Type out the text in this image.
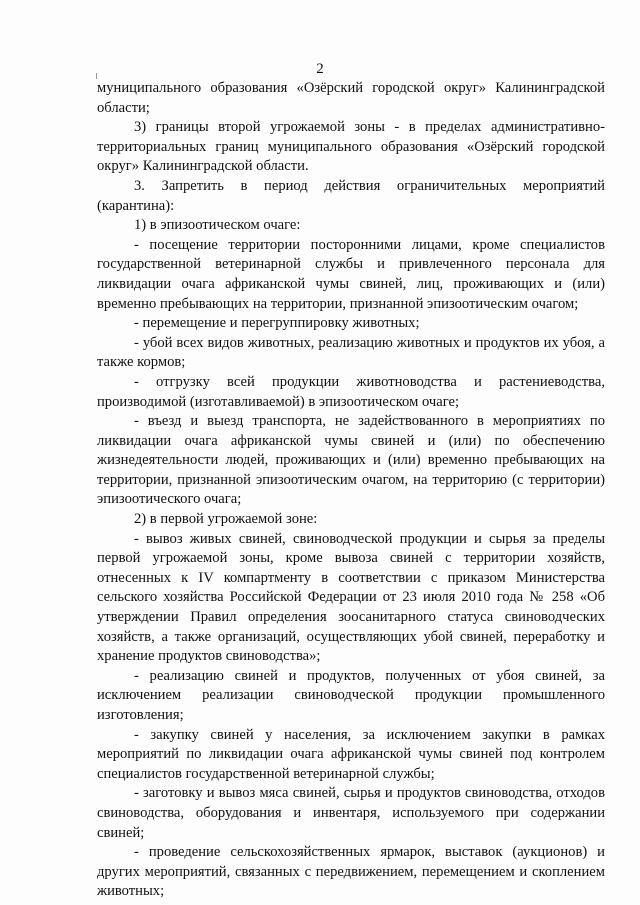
2

муниципального образования «Озёрский городской округ» Калининградской области;

3) границы второй угрожаемой зоны - в пределах административно-территориальных границ муниципального образования «Озёрский городской округ» Калининградской области.

3. Запретить в период действия ограничительных мероприятий (карантина):

1) в эпизоотическом очаге:

- посещение территории посторонними лицами, кроме специалистов государственной ветеринарной службы и привлеченного персонала для ликвидации очага африканской чумы свиней, лиц, проживающих и (или) временно пребывающих на территории, признанной эпизоотическим очагом;

- перемещение и перегруппировку животных;

- убой всех видов животных, реализацию животных и продуктов их убоя, а также кормов;

- отгрузку всей продукции животноводства и растениеводства, производимой (изготавливаемой) в эпизоотическом очаге;

- въезд и выезд транспорта, не задействованного в мероприятиях по ликвидации очага африканской чумы свиней и (или) по обеспечению жизнедеятельности людей, проживающих и (или) временно пребывающих на территории, признанной эпизоотическим очагом, на территорию (с территории) эпизоотического очага;

2) в первой угрожаемой зоне:

- вывоз живых свиней, свиноводческой продукции и сырья за пределы первой угрожаемой зоны, кроме вывоза свиней с территории хозяйств, отнесенных к IV компартменту в соответствии с приказом Министерства сельского хозяйства Российской Федерации от 23 июля 2010 года № 258 «Об утверждении Правил определения зоосанитарного статуса свиноводческих хозяйств, а также организаций, осуществляющих убой свиней, переработку и хранение продуктов свиноводства»;

- реализацию свиней и продуктов, полученных от убоя свиней, за исключением реализации свиноводческой продукции промышленного изготовления;

- закупку свиней у населения, за исключением закупки в рамках мероприятий по ликвидации очага африканской чумы свиней под контролем специалистов государственной ветеринарной службы;

- заготовку и вывоз мяса свиней, сырья и продуктов свиноводства, отходов свиноводства, оборудования и инвентаря, используемого при содержании свиней;

- проведение сельскохозяйственных ярмарок, выставок (аукционов) и других мероприятий, связанных с передвижением, перемещением и скоплением животных;
